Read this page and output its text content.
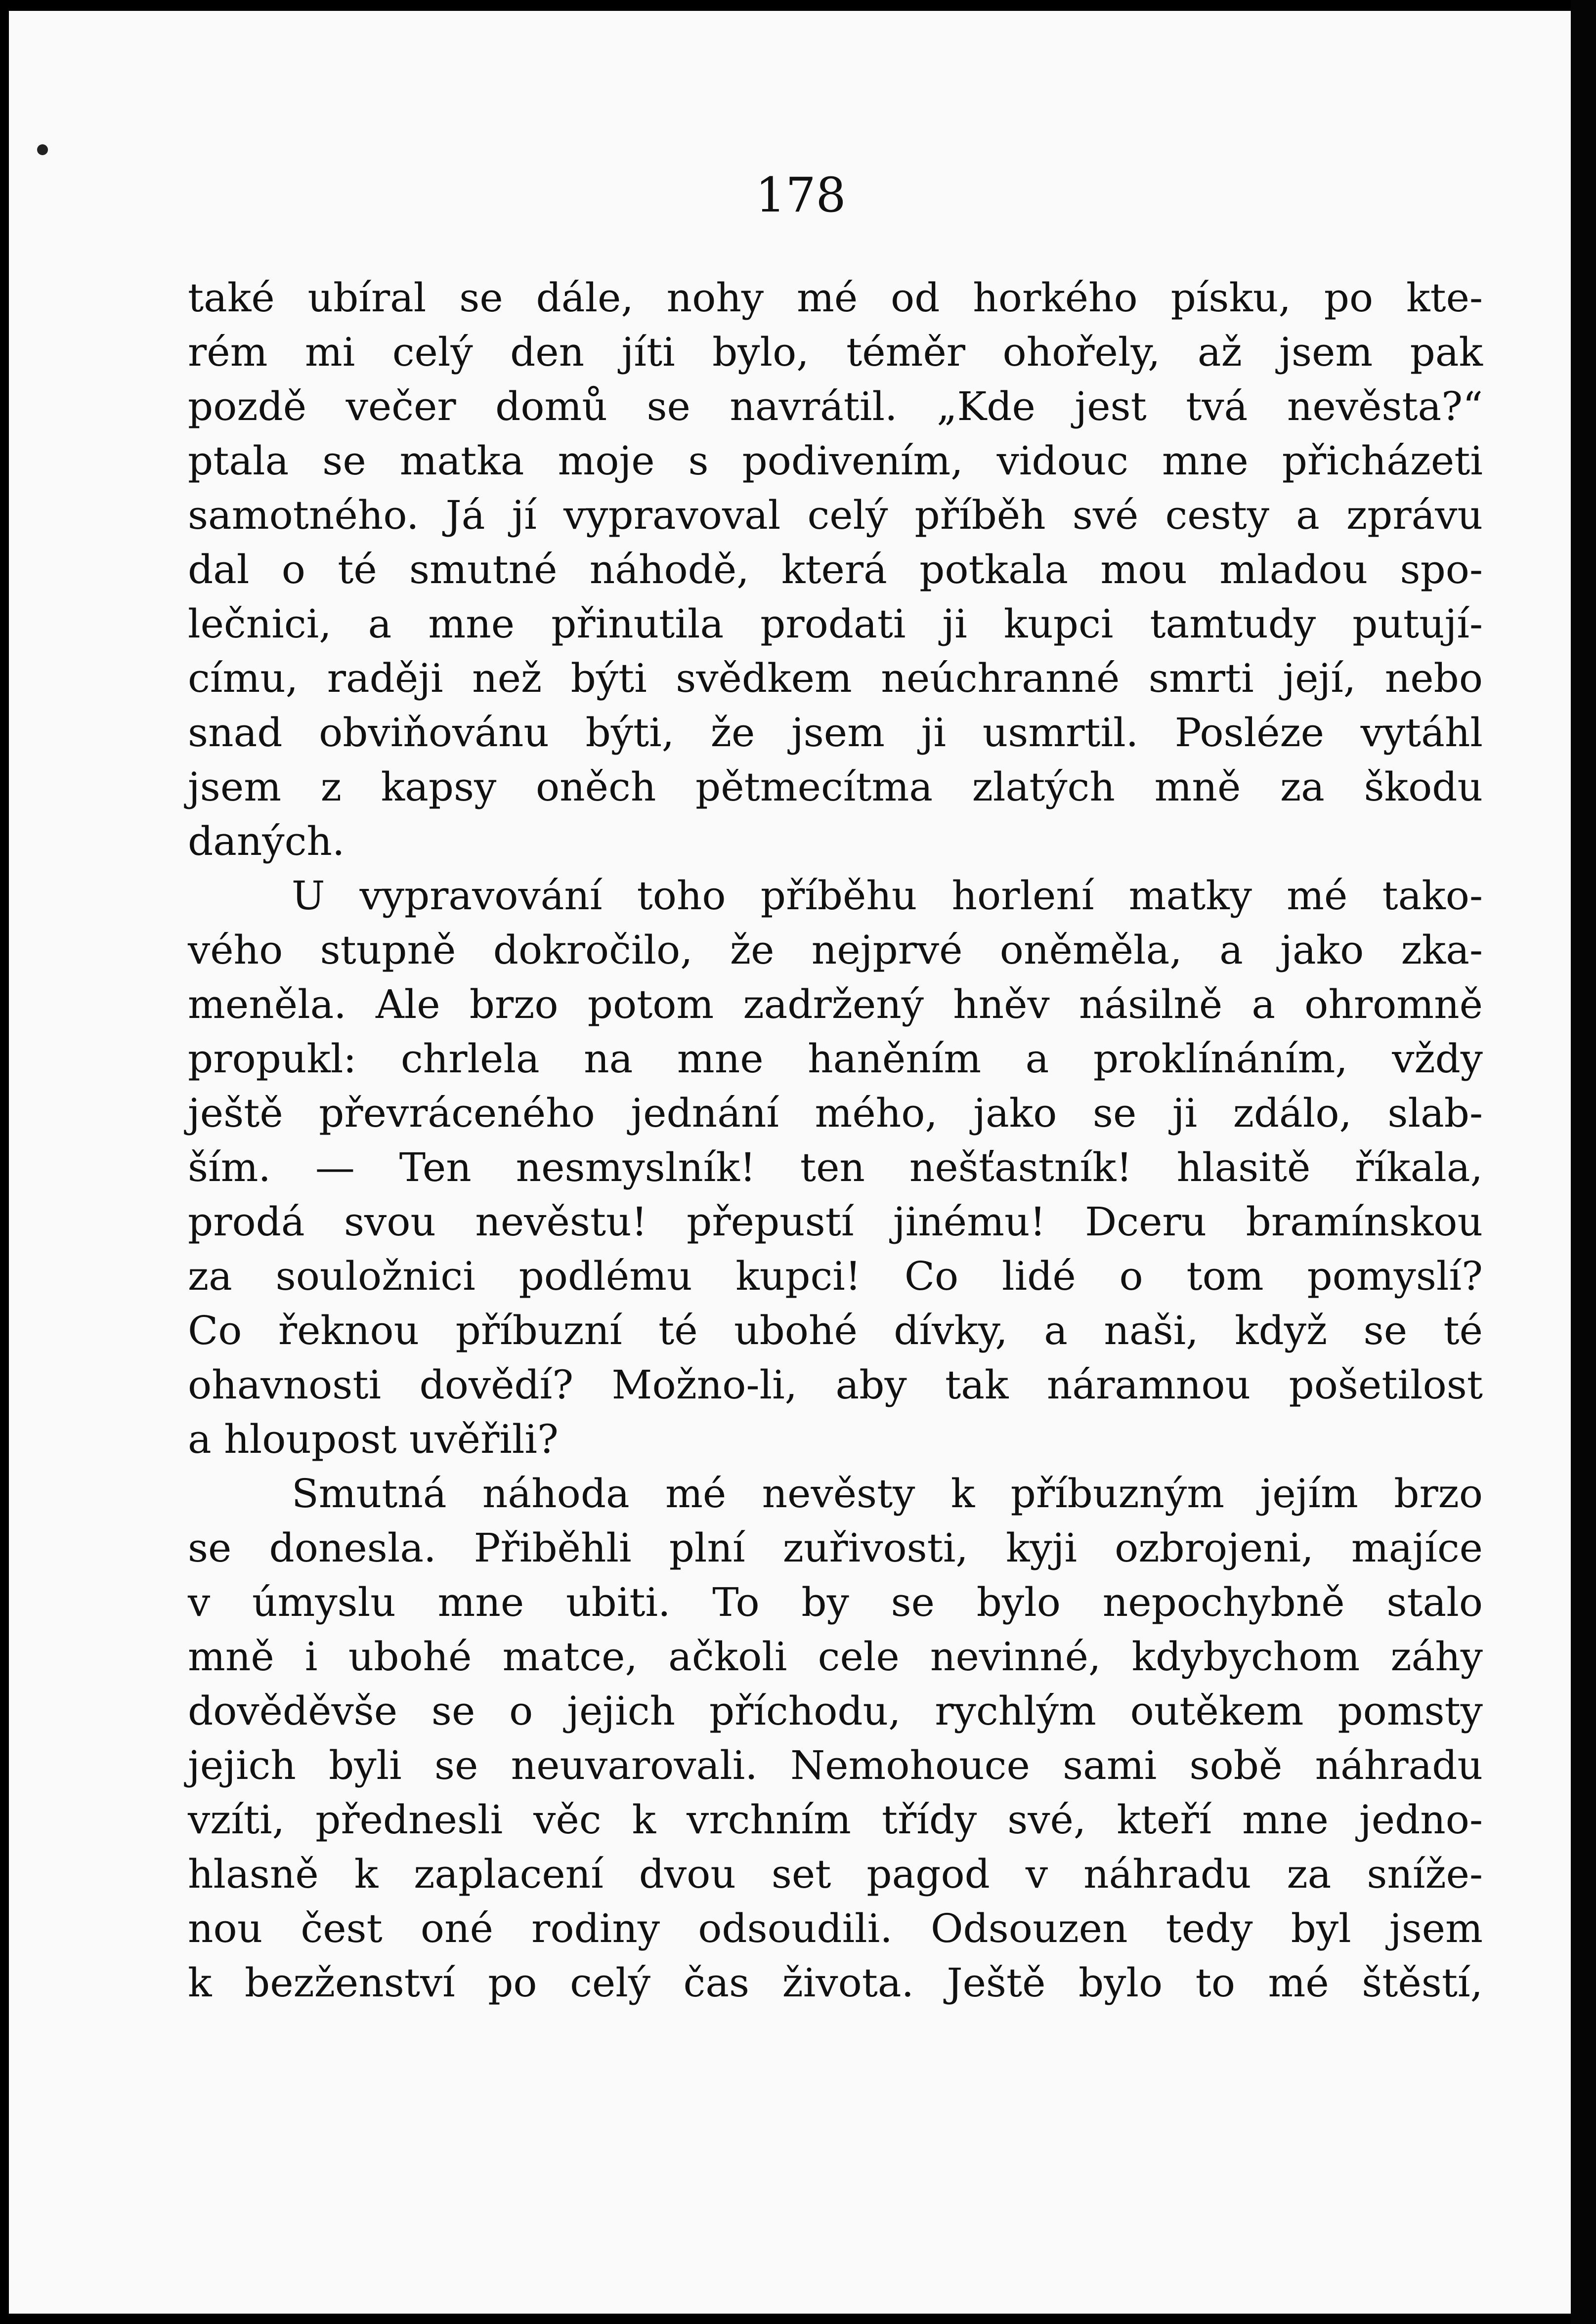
178
také ubíral se dále, nohy mé od horkého písku, po kte-
rém mi celý den jíti bylo, téměr ohořely, až jsem pak
pozdě večer domů se navrátil. „Kde jest tvá nevěsta?“
ptala se matka moje s podivením, vidouc mne přicházeti
samotného. Já jí vypravoval celý příběh své cesty a zprávu
dal o té smutné náhodě, která potkala mou mladou spo-
lečnici, a mne přinutila prodati ji kupci tamtudy putují-
címu, raději než býti svědkem neúchranné smrti její, nebo
snad obviňovánu býti, že jsem ji usmrtil. Posléze vytáhl
jsem z kapsy oněch pětmecítma zlatých mně za škodu
daných.
U vypravování toho příběhu horlení matky mé tako-
vého stupně dokročilo, že nejprvé oněměla, a jako zka-
meněla. Ale brzo potom zadržený hněv násilně a ohromně
propukl: chrlela na mne haněním a proklínáním, vždy
ještě převráceného jednání mého, jako se ji zdálo, slab-
ším. — Ten nesmyslník! ten nešťastník! hlasitě říkala,
prodá svou nevěstu! přepustí jinému! Dceru bramínskou
za souložnici podlému kupci! Co lidé o tom pomyslí?
Co řeknou příbuzní té ubohé dívky, a naši, když se té
ohavnosti dovědí? Možno-li, aby tak náramnou pošetilost
a hloupost uvěřili?
Smutná náhoda mé nevěsty k příbuzným jejím brzo
se donesla. Přiběhli plní zuřivosti, kyji ozbrojeni, majíce
v úmyslu mne ubiti. To by se bylo nepochybně stalo
mně i ubohé matce, ačkoli cele nevinné, kdybychom záhy
dověděvše se o jejich příchodu, rychlým outěkem pomsty
jejich byli se neuvarovali. Nemohouce sami sobě náhradu
vzíti, přednesli věc k vrchním třídy své, kteří mne jedno-
hlasně k zaplacení dvou set pagod v náhradu za sníže-
nou čest oné rodiny odsoudili. Odsouzen tedy byl jsem
k bezženství po celý čas života. Ještě bylo to mé štěstí,
